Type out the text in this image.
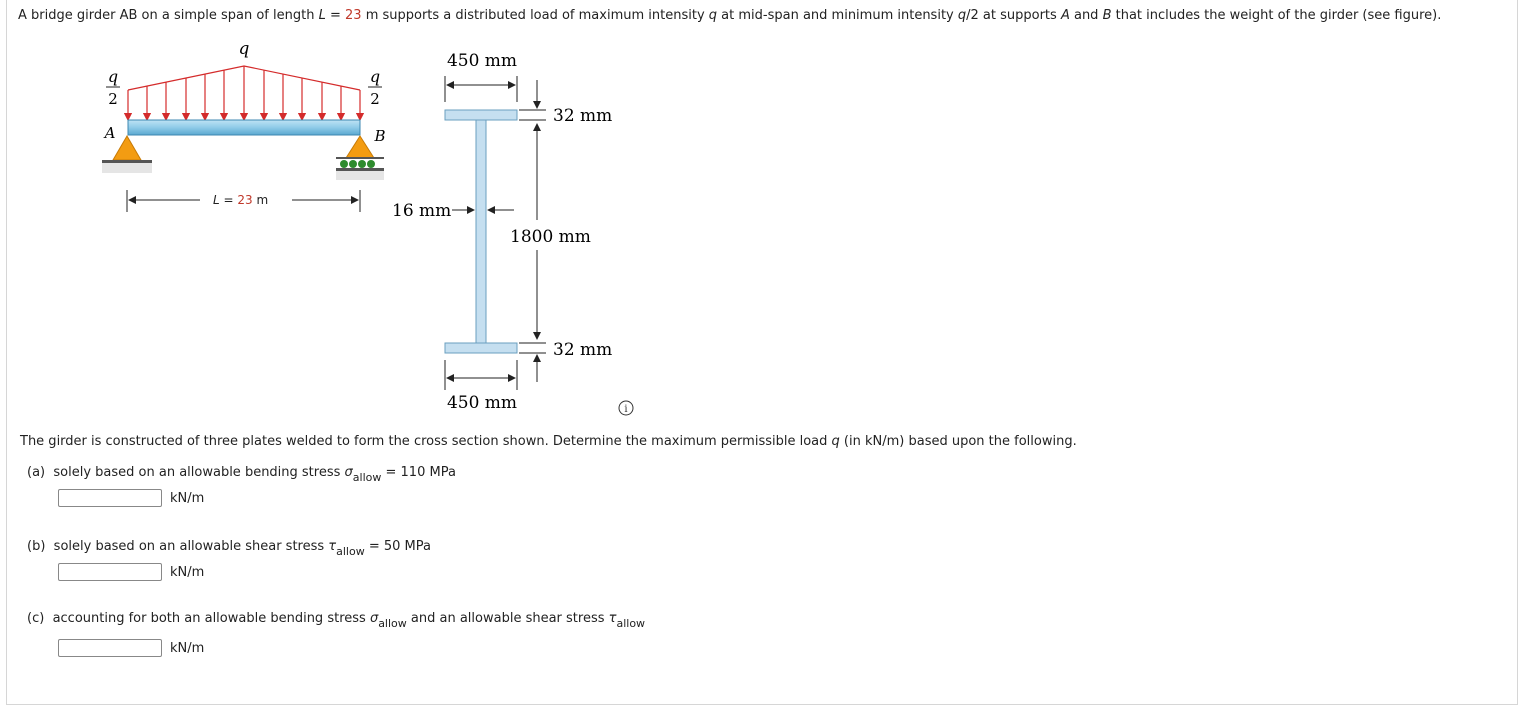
A bridge girder AB on a simple span of length L = 23 m supports a distributed load of maximum intensity q at mid-span and minimum intensity q/2 at supports A and B that includes the weight of the girder (see figure).
q
q
2
q
2
A	B
L = 23 m
450 mm
32 mm
16 mm
1800 mm
32 mm
450 mm	i
The girder is constructed of three plates welded to form the cross section shown. Determine the maximum permissible load q (in kN/m) based upon the following.
(a) solely based on an allowable bending stress $\sigma_{allow} = 110$ MPa
kN/m
(b) solely based on an allowable shear stress $\tau_{allow} = 50$ MPa
kN/m
(c) accounting for both an allowable bending stress $\sigma_{allow}$ and an allowable shear stress $\tau_{allow}$
kN/m
